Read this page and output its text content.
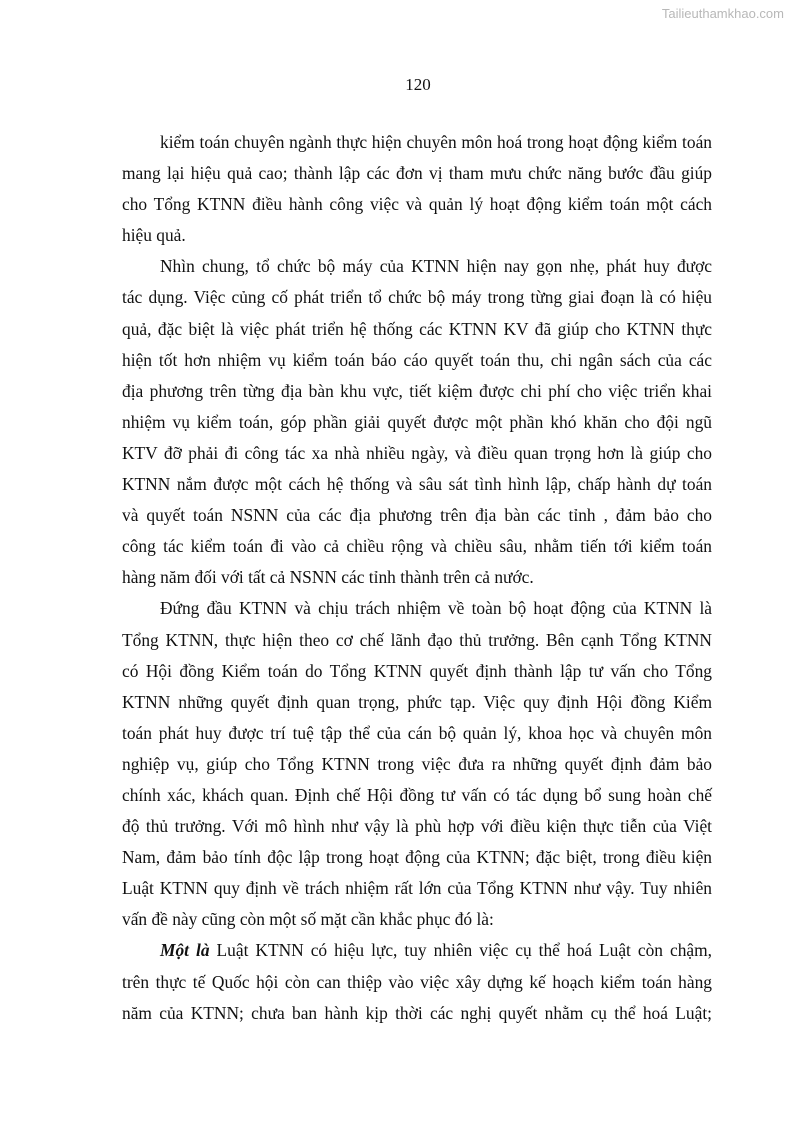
Tailieuthamkhao.com
120
kiểm toán chuyên ngành thực hiện chuyên môn hoá trong hoạt động kiểm toán
mang lại hiệu quả cao; thành lập các đơn vị tham mưu chức năng bước đầu giúp
cho Tổng KTNN điều hành công việc và quản lý hoạt động kiểm toán một cách
hiệu quả.
Nhìn chung, tổ chức bộ máy của KTNN hiện nay gọn nhẹ, phát huy được
tác dụng. Việc củng cố phát triển tổ chức bộ máy trong từng giai đoạn là có hiệu
quả, đặc biệt là việc phát triển hệ thống các KTNN KV đã giúp cho KTNN thực
hiện tốt hơn nhiệm vụ kiểm toán báo cáo quyết toán thu, chi ngân sách của các
địa phương trên từng địa bàn khu vực, tiết kiệm được chi phí cho việc triển khai
nhiệm vụ kiểm toán, góp phần giải quyết được một phần khó khăn cho đội ngũ
KTV đỡ phải đi công tác xa nhà nhiều ngày, và điều quan trọng hơn là giúp cho
KTNN nắm được một cách hệ thống và sâu sát tình hình lập, chấp hành dự toán
và quyết toán NSNN của các địa phương trên địa bàn các tỉnh , đảm bảo cho
công tác kiểm toán đi vào cả chiều rộng và chiều sâu, nhằm tiến tới kiểm toán
hàng năm đối với tất cả NSNN các tỉnh thành trên cả nước.
Đứng đầu KTNN và chịu trách nhiệm về toàn bộ hoạt động của KTNN là
Tổng KTNN, thực hiện theo cơ chế lãnh đạo thủ trưởng. Bên cạnh Tổng KTNN
có Hội đồng Kiểm toán do Tổng KTNN quyết định thành lập tư vấn cho Tổng
KTNN những quyết định quan trọng, phức tạp. Việc quy định Hội đồng Kiểm
toán phát huy được trí tuệ tập thể của cán bộ quản lý, khoa học và chuyên môn
nghiệp vụ, giúp cho Tổng KTNN trong việc đưa ra những quyết định đảm bảo
chính xác, khách quan. Định chế Hội đồng tư vấn có tác dụng bổ sung hoàn chế
độ thủ trưởng. Với mô hình như vậy là phù hợp với điều kiện thực tiễn của Việt
Nam, đảm bảo tính độc lập trong hoạt động của KTNN; đặc biệt, trong điều kiện
Luật KTNN quy định về trách nhiệm rất lớn của Tổng KTNN như vậy. Tuy nhiên
vấn đề này cũng còn một số mặt cần khắc phục đó là:
Một là Luật KTNN có hiệu lực, tuy nhiên việc cụ thể hoá Luật còn chậm,
trên thực tế Quốc hội còn can thiệp vào việc xây dựng kế hoạch kiểm toán hàng
năm của KTNN; chưa ban hành kịp thời các nghị quyết nhằm cụ thể hoá Luật;
